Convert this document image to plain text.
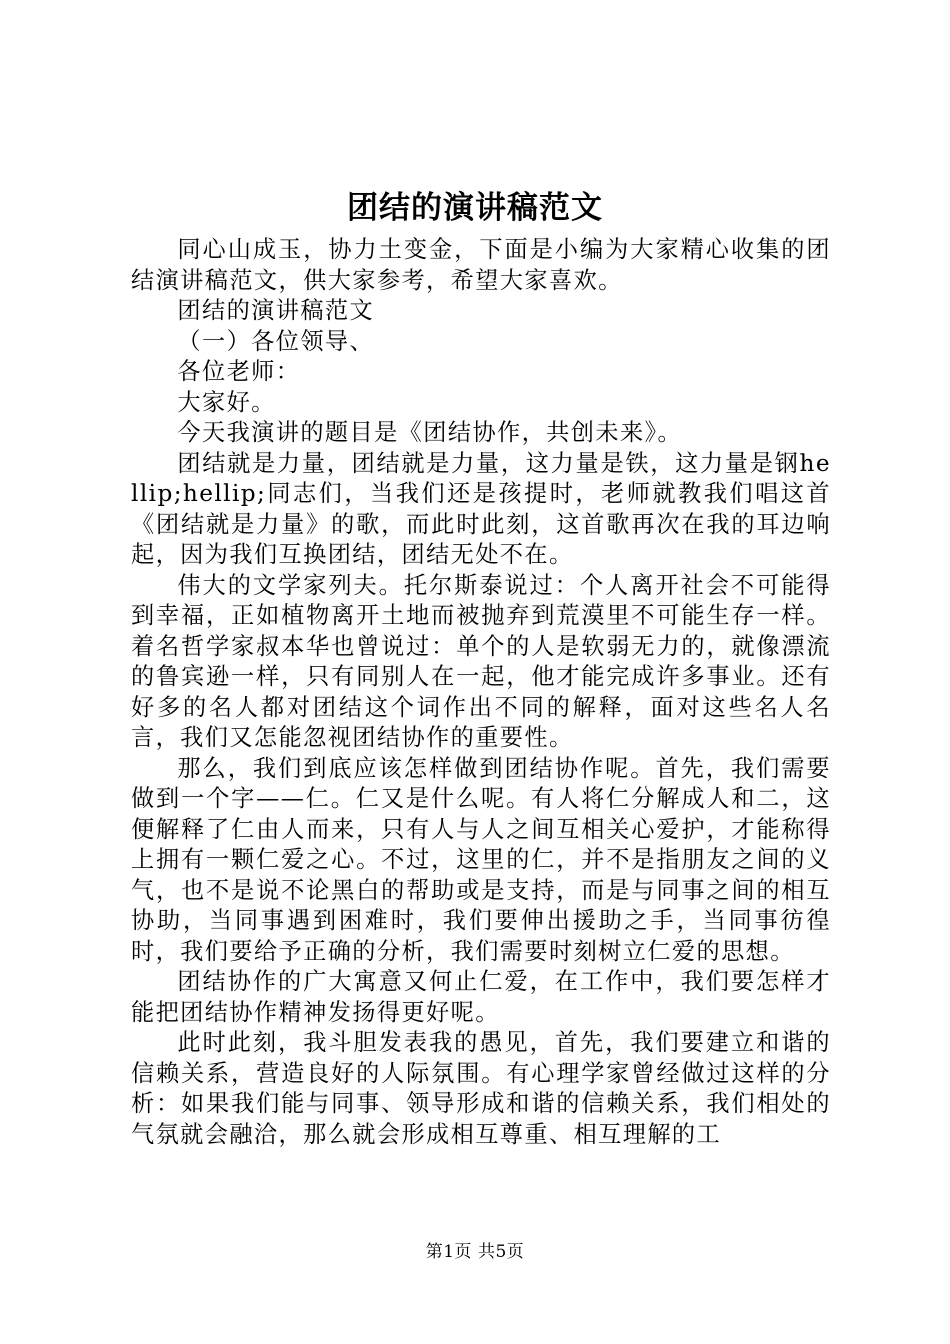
团结的演讲稿范文

同心山成玉，协力土变金，下面是小编为大家精心收集的团结演讲稿范文，供大家参考，希望大家喜欢。

团结的演讲稿范文

（一）各位领导、

各位老师：

大家好。

今天我演讲的题目是《团结协作，共创未来》。

团结就是力量，团结就是力量，这力量是铁，这力量是钢hellip;hellip;同志们，当我们还是孩提时，老师就教我们唱这首《团结就是力量》的歌，而此时此刻，这首歌再次在我的耳边响起，因为我们互换团结，团结无处不在。

伟大的文学家列夫。托尔斯泰说过：个人离开社会不可能得到幸福，正如植物离开土地而被抛弃到荒漠里不可能生存一样。着名哲学家叔本华也曾说过：单个的人是软弱无力的，就像漂流的鲁宾逊一样，只有同别人在一起，他才能完成许多事业。还有好多的名人都对团结这个词作出不同的解释，面对这些名人名言，我们又怎能忽视团结协作的重要性。

那么，我们到底应该怎样做到团结协作呢。首先，我们需要做到一个字——仁。仁又是什么呢。有人将仁分解成人和二，这便解释了仁由人而来，只有人与人之间互相关心爱护，才能称得上拥有一颗仁爱之心。不过，这里的仁，并不是指朋友之间的义气，也不是说不论黑白的帮助或是支持，而是与同事之间的相互协助，当同事遇到困难时，我们要伸出援助之手，当同事彷徨时，我们要给予正确的分析，我们需要时刻树立仁爱的思想。

团结协作的广大寓意又何止仁爱，在工作中，我们要怎样才能把团结协作精神发扬得更好呢。

此时此刻，我斗胆发表我的愚见，首先，我们要建立和谐的信赖关系，营造良好的人际氛围。有心理学家曾经做过这样的分析：如果我们能与同事、领导形成和谐的信赖关系，我们相处的气氛就会融洽，那么就会形成相互尊重、相互理解的工

第1页 共5页
